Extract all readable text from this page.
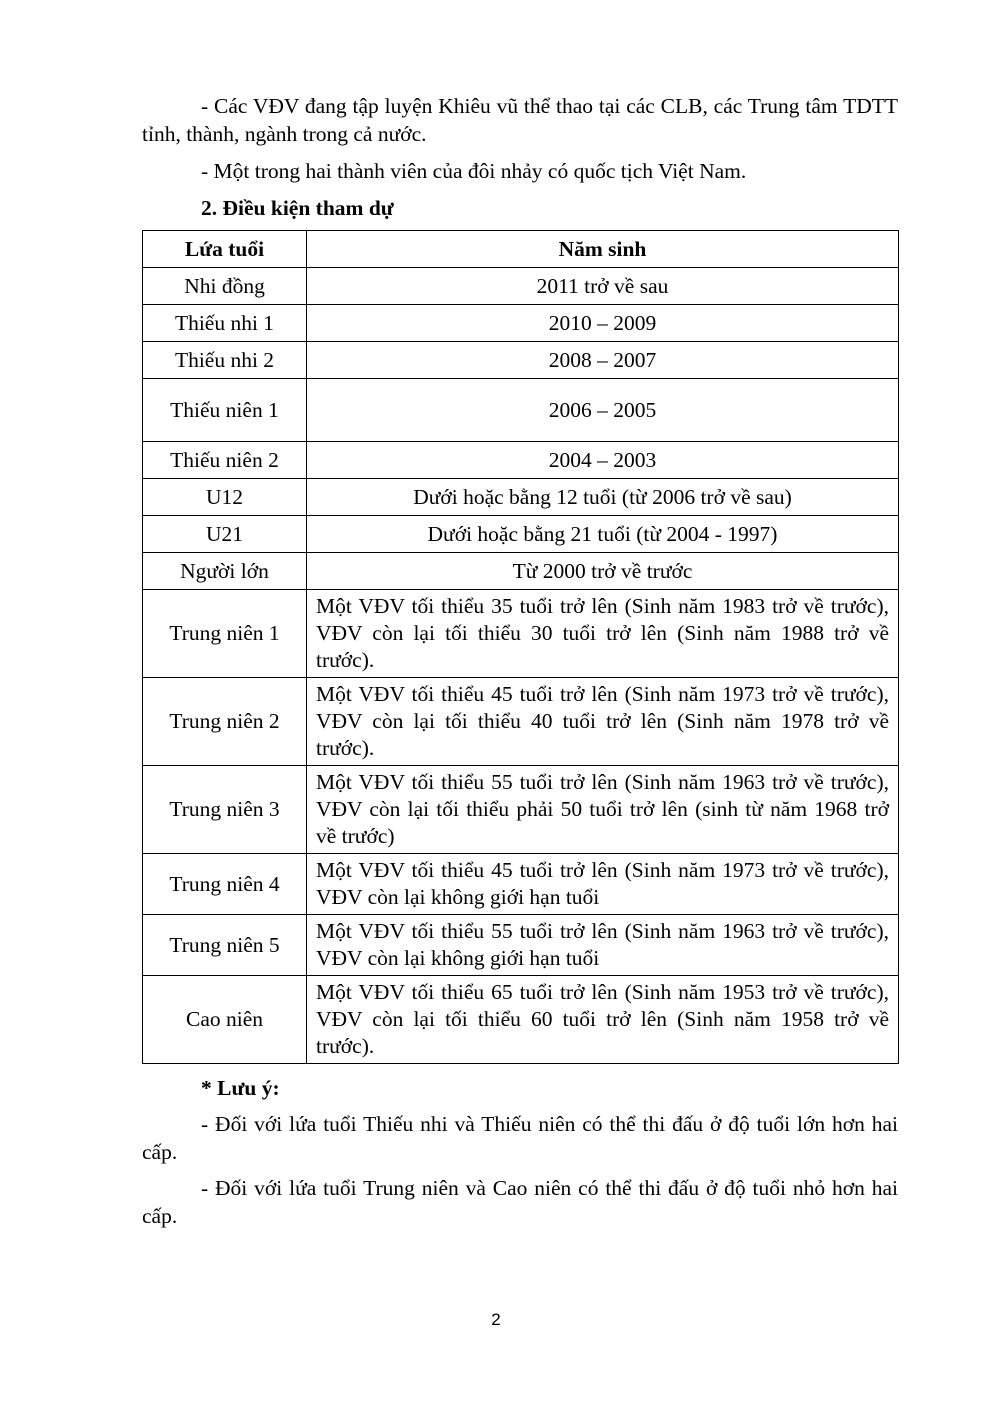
- Các VĐV đang tập luyện Khiêu vũ thể thao tại các CLB, các Trung tâm TDTT tỉnh, thành, ngành trong cả nước.

- Một trong hai thành viên của đôi nhảy có quốc tịch Việt Nam.

2. Điều kiện tham dự

Lứa tuổi	Năm sinh
Nhi đồng	2011 trở về sau
Thiếu nhi 1	2010 – 2009
Thiếu nhi 2	2008 – 2007
Thiếu niên 1	2006 – 2005
Thiếu niên 2	2004 – 2003
U12	Dưới hoặc bằng 12 tuổi (từ 2006 trở về sau)
U21	Dưới hoặc bằng 21 tuổi (từ 2004 - 1997)
Người lớn	Từ 2000 trở về trước
Trung niên 1	Một VĐV tối thiểu 35 tuổi trở lên (Sinh năm 1983 trở về trước), VĐV còn lại tối thiểu 30 tuổi trở lên (Sinh năm 1988 trở về trước).
Trung niên 2	Một VĐV tối thiểu 45 tuổi trở lên (Sinh năm 1973 trở về trước), VĐV còn lại tối thiểu 40 tuổi trở lên (Sinh năm 1978 trở về trước).
Trung niên 3	Một VĐV tối thiểu 55 tuổi trở lên (Sinh năm 1963 trở về trước), VĐV còn lại tối thiểu phải 50 tuổi trở lên (sinh từ năm 1968 trở về trước)
Trung niên 4	Một VĐV tối thiểu 45 tuổi trở lên (Sinh năm 1973 trở về trước), VĐV còn lại không giới hạn tuổi
Trung niên 5	Một VĐV tối thiểu 55 tuổi trở lên (Sinh năm 1963 trở về trước), VĐV còn lại không giới hạn tuổi
Cao niên	Một VĐV tối thiểu 65 tuổi trở lên (Sinh năm 1953 trở về trước), VĐV còn lại tối thiểu 60 tuổi trở lên (Sinh năm 1958 trở về trước).

* Lưu ý:

- Đối với lứa tuổi Thiếu nhi và Thiếu niên có thể thi đấu ở độ tuổi lớn hơn hai cấp.

- Đối với lứa tuổi Trung niên và Cao niên có thể thi đấu ở độ tuổi nhỏ hơn hai cấp.

2
